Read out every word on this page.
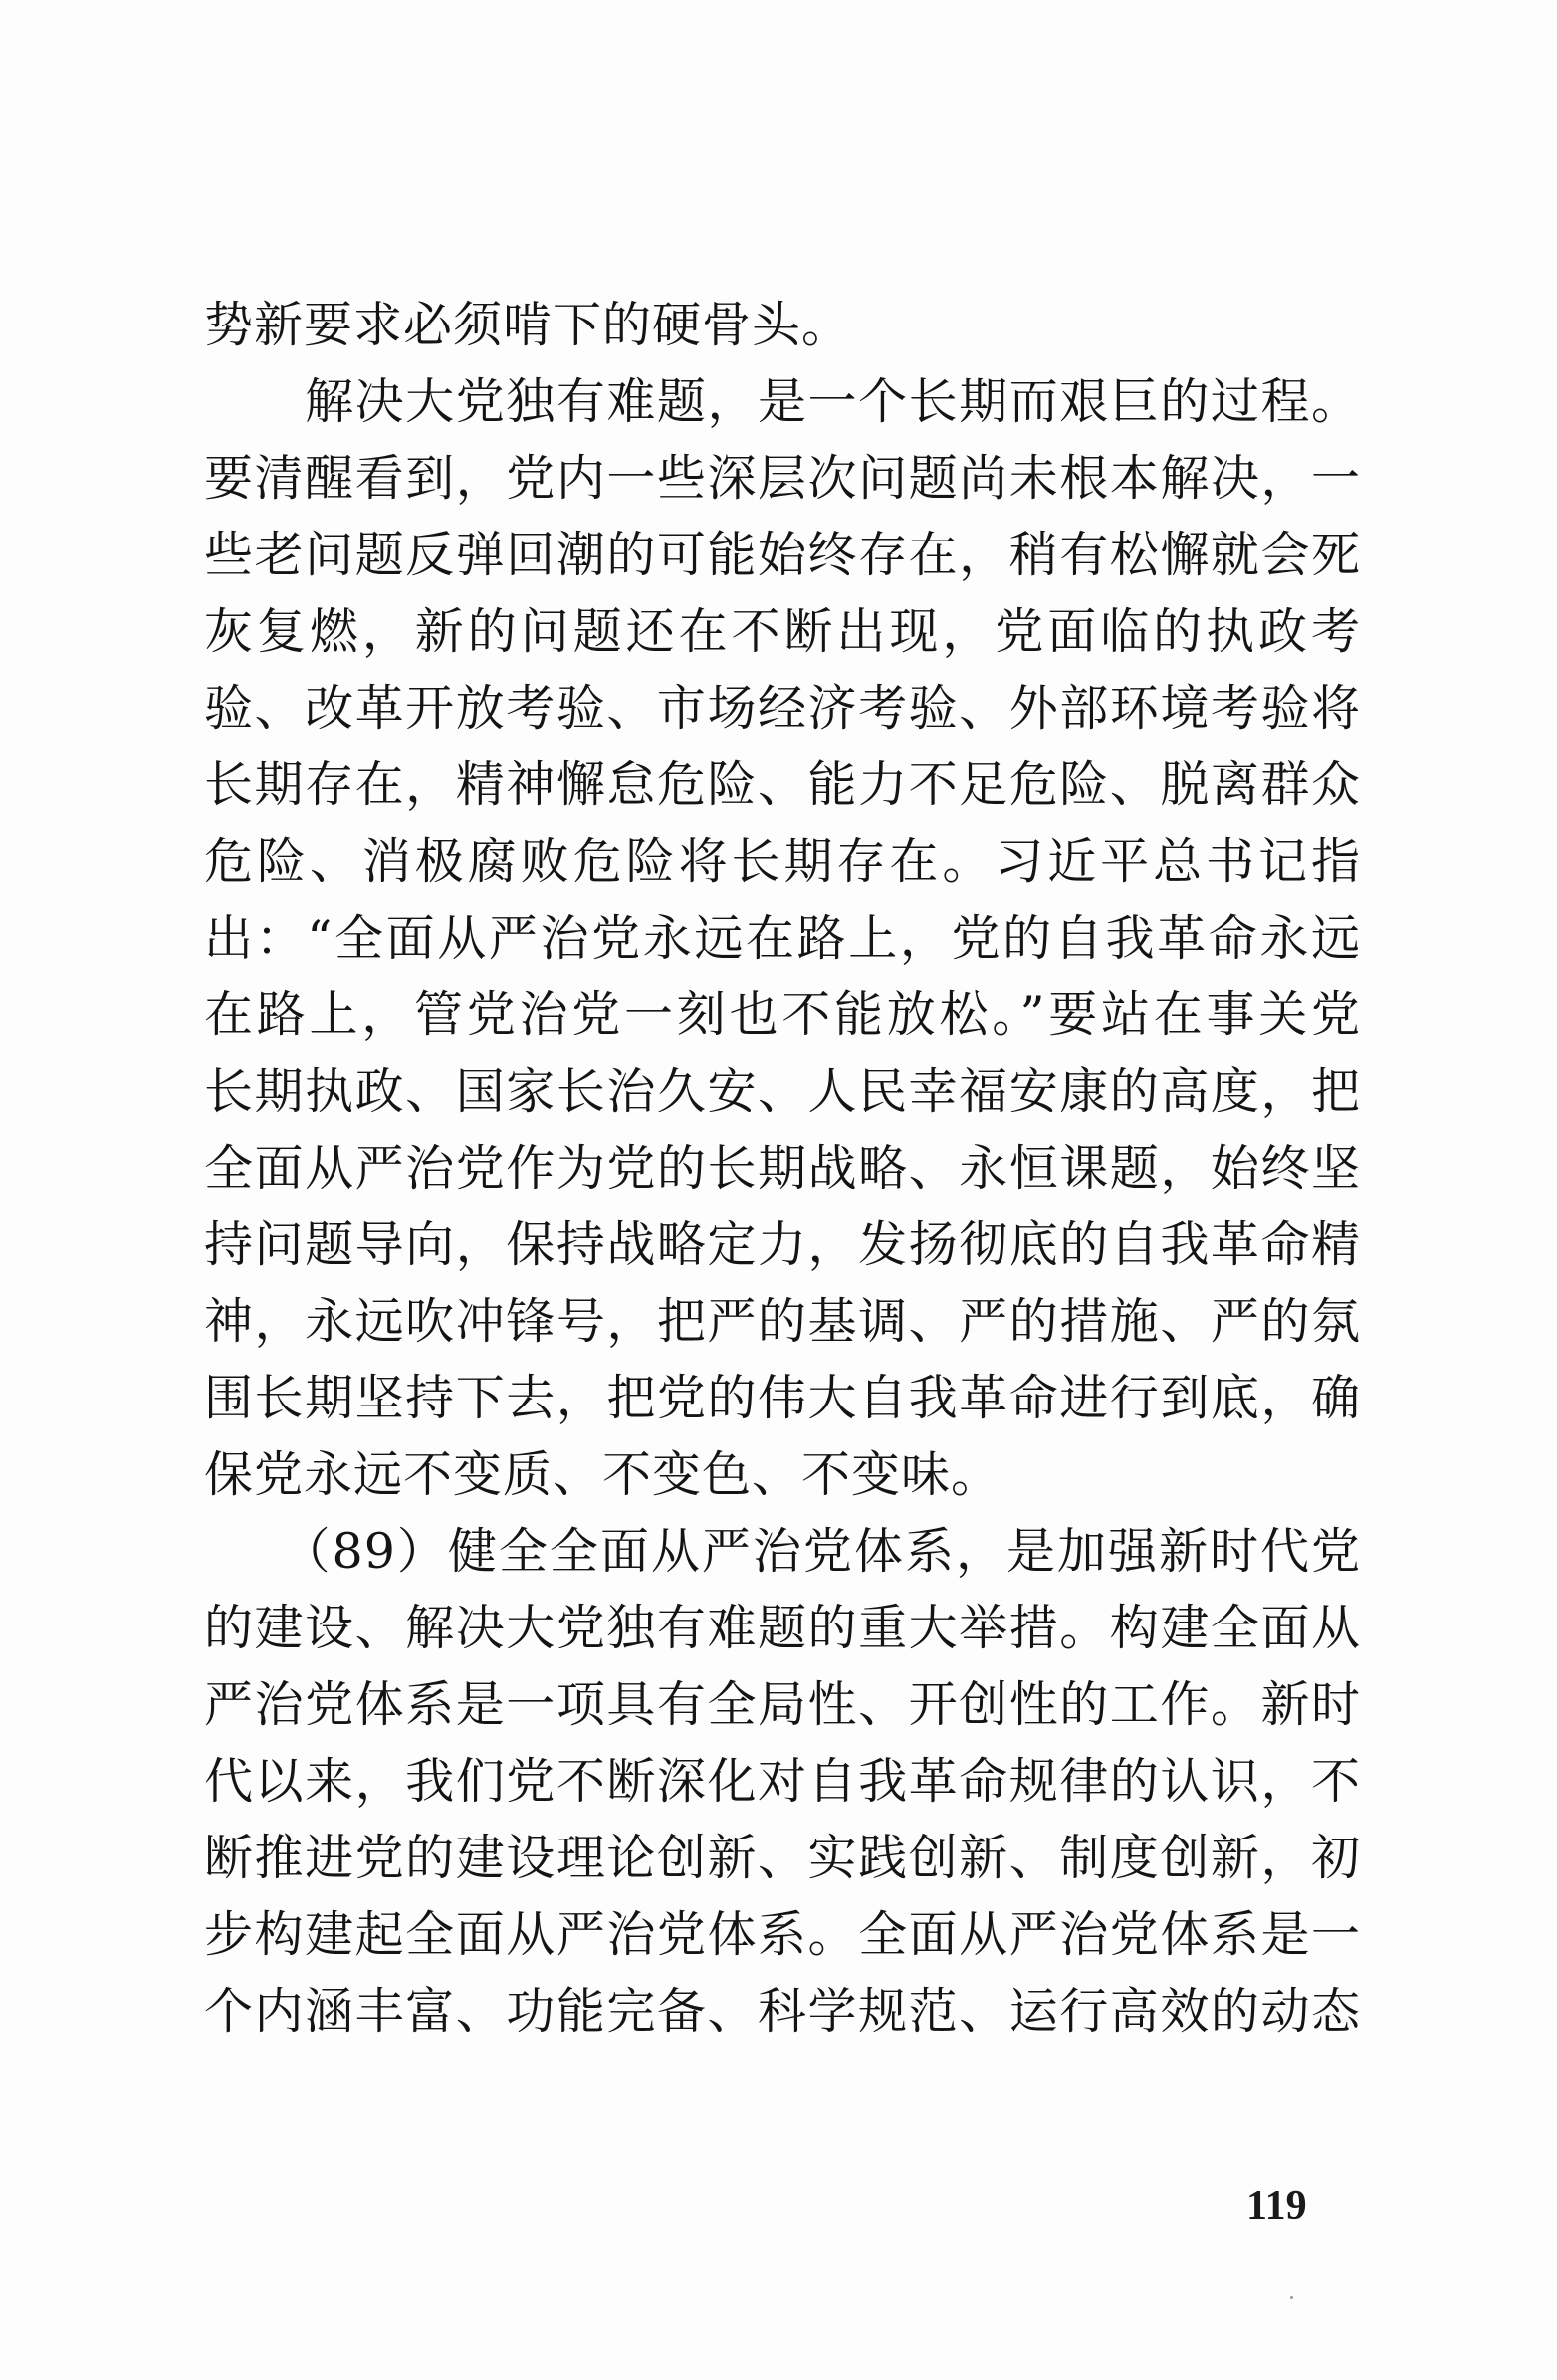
势新要求必须啃下的硬骨头。
　　解决大党独有难题，是一个长期而艰巨的过程。
要清醒看到，党内一些深层次问题尚未根本解决，一
些老问题反弹回潮的可能始终存在，稍有松懈就会死
灰复燃，新的问题还在不断出现，党面临的执政考
验、改革开放考验、市场经济考验、外部环境考验将
长期存在，精神懈怠危险、能力不足危险、脱离群众
危险、消极腐败危险将长期存在。习近平总书记指
出：“全面从严治党永远在路上，党的自我革命永远
在路上，管党治党一刻也不能放松。”要站在事关党
长期执政、国家长治久安、人民幸福安康的高度，把
全面从严治党作为党的长期战略、永恒课题，始终坚
持问题导向，保持战略定力，发扬彻底的自我革命精
神，永远吹冲锋号，把严的基调、严的措施、严的氛
围长期坚持下去，把党的伟大自我革命进行到底，确
保党永远不变质、不变色、不变味。
　　（89）健全全面从严治党体系，是加强新时代党
的建设、解决大党独有难题的重大举措。构建全面从
严治党体系是一项具有全局性、开创性的工作。新时
代以来，我们党不断深化对自我革命规律的认识，不
断推进党的建设理论创新、实践创新、制度创新，初
步构建起全面从严治党体系。全面从严治党体系是一
个内涵丰富、功能完备、科学规范、运行高效的动态
119
